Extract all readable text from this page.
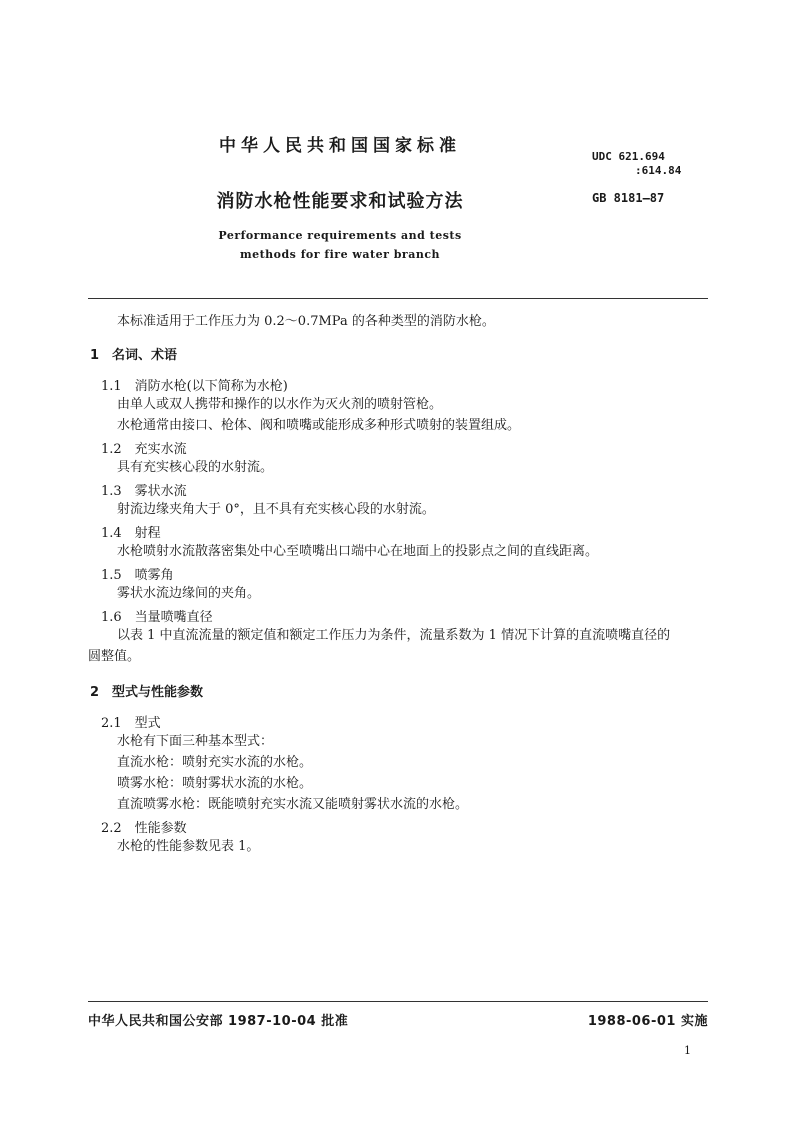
中华人民共和国国家标准
UDC 621.694
:614.84
消防水枪性能要求和试验方法	GB 8181—87
Performance requirements and tests
methods for fire water branch
本标准适用于工作压力为 0.2～0.7MPa 的各种类型的消防水枪。
1　名词、术语
1.1　消防水枪(以下简称为水枪)
由单人或双人携带和操作的以水作为灭火剂的喷射管枪。
水枪通常由接口、枪体、阀和喷嘴或能形成多种形式喷射的装置组成。
1.2　充实水流
具有充实核心段的水射流。
1.3　雾状水流
射流边缘夹角大于 0°，且不具有充实核心段的水射流。
1.4　射程
水枪喷射水流散落密集处中心至喷嘴出口端中心在地面上的投影点之间的直线距离。
1.5　喷雾角
雾状水流边缘间的夹角。
1.6　当量喷嘴直径
以表 1 中直流流量的额定值和额定工作压力为条件，流量系数为 1 情况下计算的直流喷嘴直径的
圆整值。
2　型式与性能参数
2.1　型式
水枪有下面三种基本型式：
直流水枪：喷射充实水流的水枪。
喷雾水枪：喷射雾状水流的水枪。
直流喷雾水枪：既能喷射充实水流又能喷射雾状水流的水枪。
2.2　性能参数
水枪的性能参数见表 1。
中华人民共和国公安部 1987-10-04 批准	1988-06-01 实施
1
